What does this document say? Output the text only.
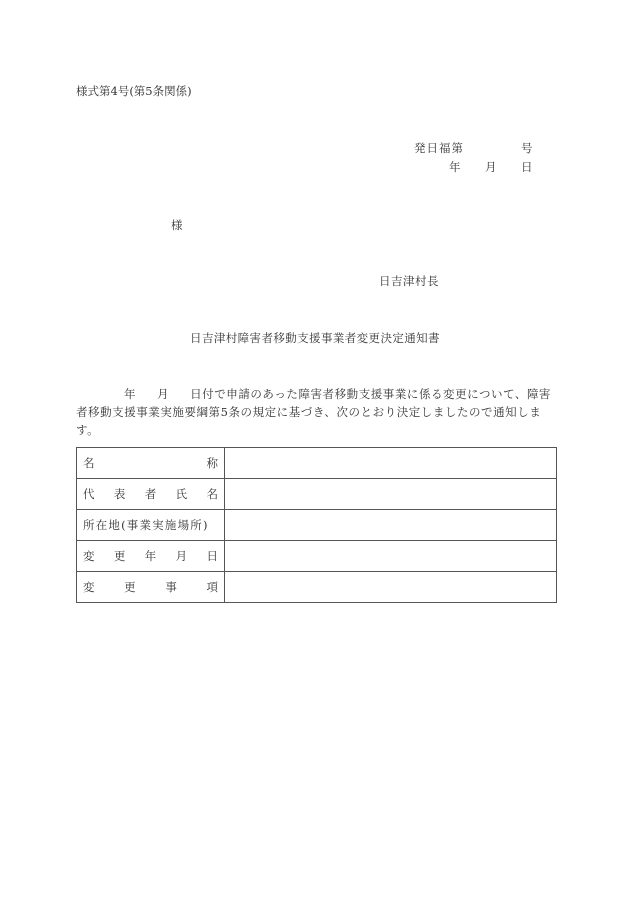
様式第4号(第5条関係)
発日福第	号
年 月 日
様
日吉津村長
日吉津村障害者移動支援事業者変更決定通知書
年 月 日付で申請のあった障害者移動支援事業に係る変更について、障害者移動支援事業実施要綱第5条の規定に基づき、次のとおり決定しましたので通知します。
名 称	

代 表 者 氏 名	

所在地(事業実施場所)	

変 更 年 月 日	

変 更 事 項	
